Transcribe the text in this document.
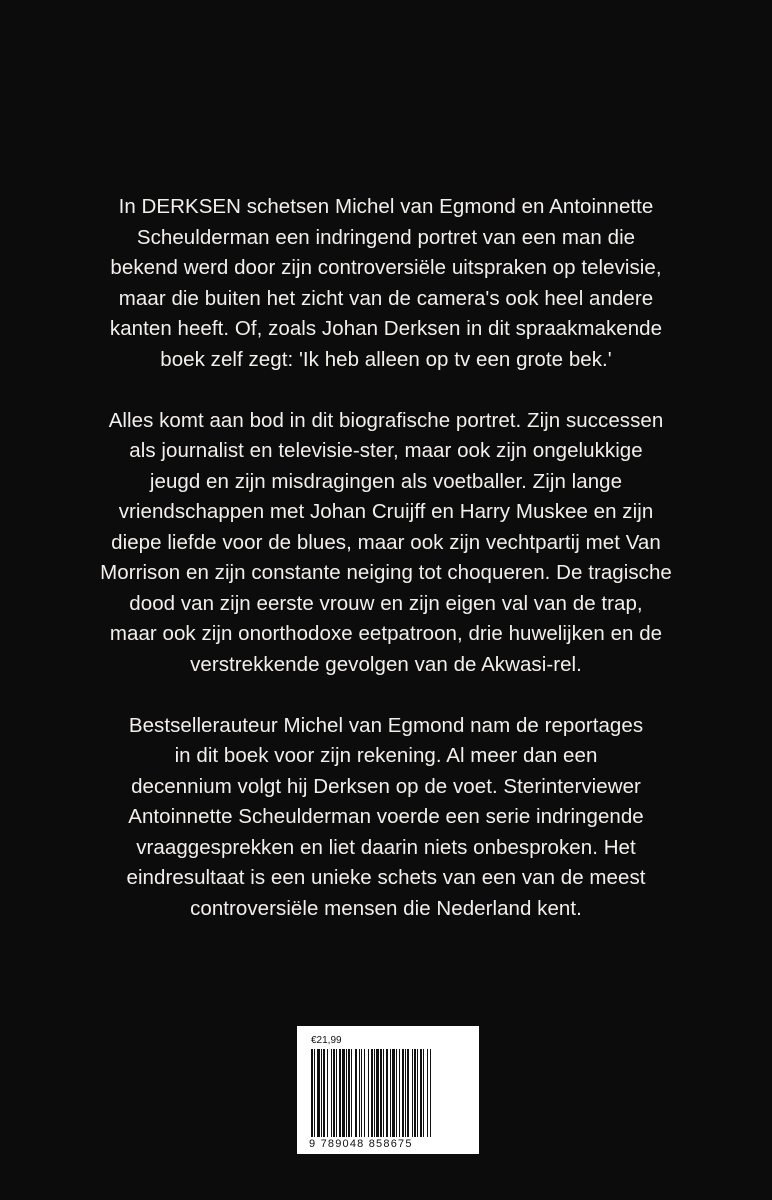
In DERKSEN schetsen Michel van Egmond en Antoinnette
Scheulderman een indringend portret van een man die
bekend werd door zijn controversiële uitspraken op televisie,
maar die buiten het zicht van de camera's ook heel andere
kanten heeft. Of, zoals Johan Derksen in dit spraakmakende
boek zelf zegt: 'Ik heb alleen op tv een grote bek.'

Alles komt aan bod in dit biografische portret. Zijn successen
als journalist en televisie-ster, maar ook zijn ongelukkige
jeugd en zijn misdragingen als voetballer. Zijn lange
vriendschappen met Johan Cruijff en Harry Muskee en zijn
diepe liefde voor de blues, maar ook zijn vechtpartij met Van
Morrison en zijn constante neiging tot choqueren. De tragische
dood van zijn eerste vrouw en zijn eigen val van de trap,
maar ook zijn onorthodoxe eetpatroon, drie huwelijken en de
verstrekkende gevolgen van de Akwasi-rel.

Bestsellerauteur Michel van Egmond nam de reportages
in dit boek voor zijn rekening. Al meer dan een
decennium volgt hij Derksen op de voet. Sterinterviewer
Antoinnette Scheulderman voerde een serie indringende
vraaggesprekken en liet daarin niets onbesproken. Het
eindresultaat is een unieke schets van een van de meest
controversiële mensen die Nederland kent.

€21,99
9 789048 858675
